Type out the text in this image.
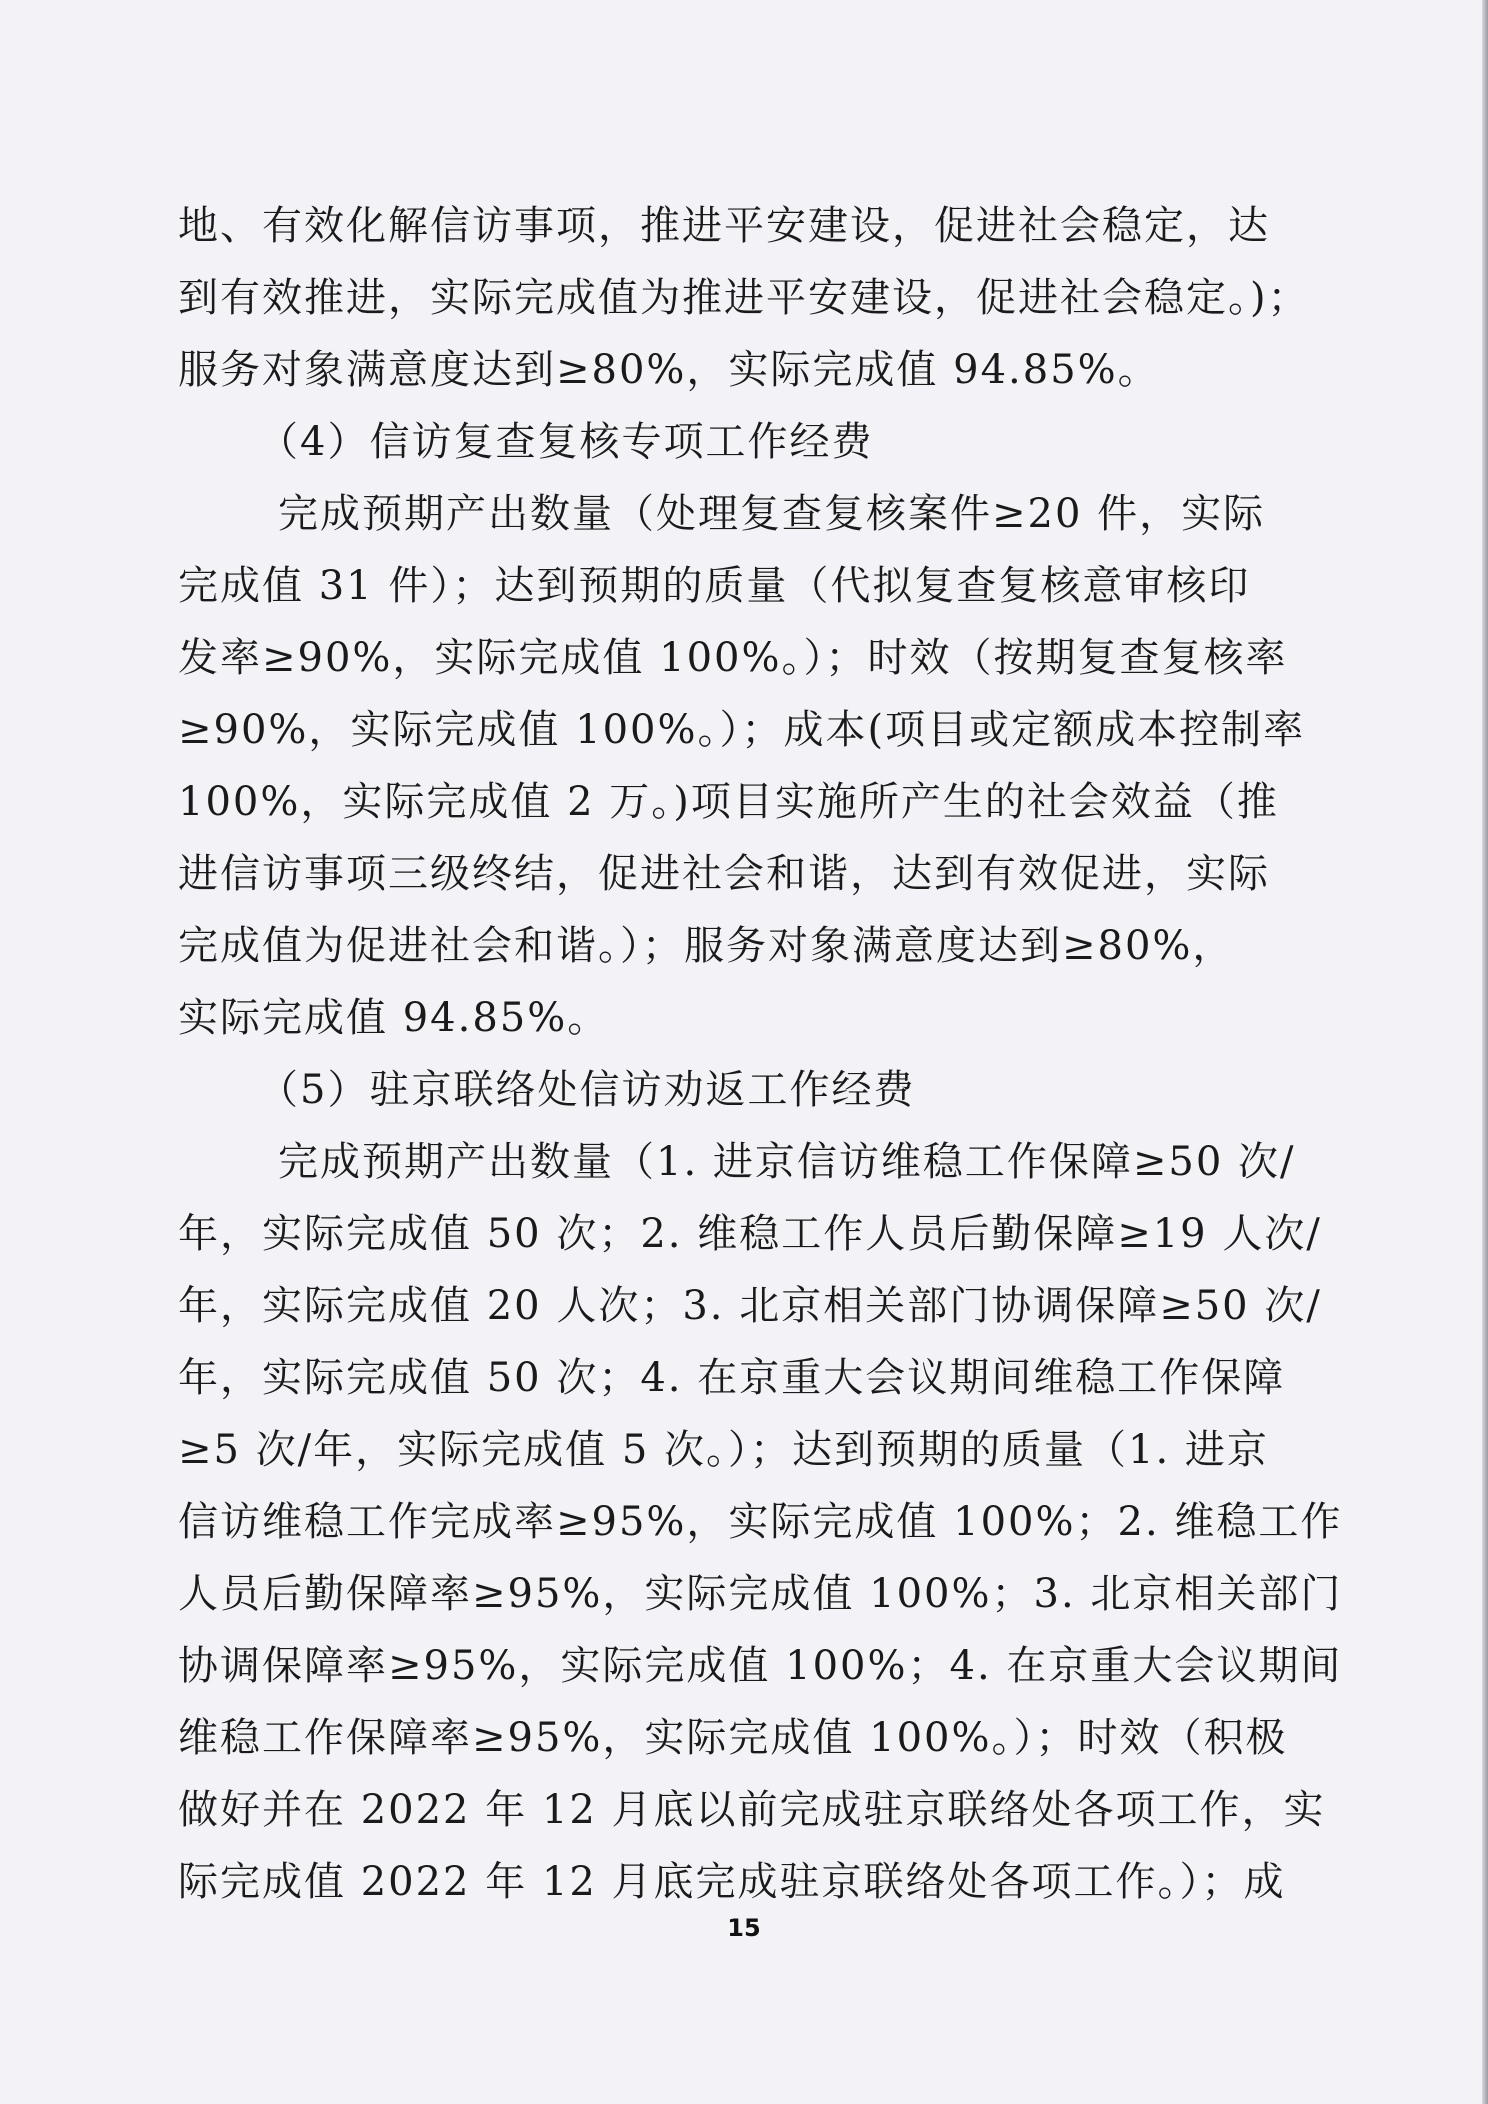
地、有效化解信访事项，推进平安建设，促进社会稳定，达
到有效推进，实际完成值为推进平安建设，促进社会稳定。)；
服务对象满意度达到≥80%，实际完成值 94.85%。
（4）信访复查复核专项工作经费
完成预期产出数量（处理复查复核案件≥20 件，实际
完成值 31 件）；达到预期的质量（代拟复查复核意审核印
发率≥90%，实际完成值 100%。）；时效（按期复查复核率
≥90%，实际完成值 100%。）；成本(项目或定额成本控制率
100%，实际完成值 2 万。)项目实施所产生的社会效益（推
进信访事项三级终结，促进社会和谐，达到有效促进，实际
完成值为促进社会和谐。）；服务对象满意度达到≥80%，
实际完成值 94.85%。
（5）驻京联络处信访劝返工作经费
完成预期产出数量（1. 进京信访维稳工作保障≥50 次/
年，实际完成值 50 次；2. 维稳工作人员后勤保障≥19 人次/
年，实际完成值 20 人次；3. 北京相关部门协调保障≥50 次/
年，实际完成值 50 次；4. 在京重大会议期间维稳工作保障
≥5 次/年，实际完成值 5 次。）；达到预期的质量（1. 进京
信访维稳工作完成率≥95%，实际完成值 100%；2. 维稳工作
人员后勤保障率≥95%，实际完成值 100%；3. 北京相关部门
协调保障率≥95%，实际完成值 100%；4. 在京重大会议期间
维稳工作保障率≥95%，实际完成值 100%。）；时效（积极
做好并在 2022 年 12 月底以前完成驻京联络处各项工作，实
际完成值 2022 年 12 月底完成驻京联络处各项工作。）；成
15
